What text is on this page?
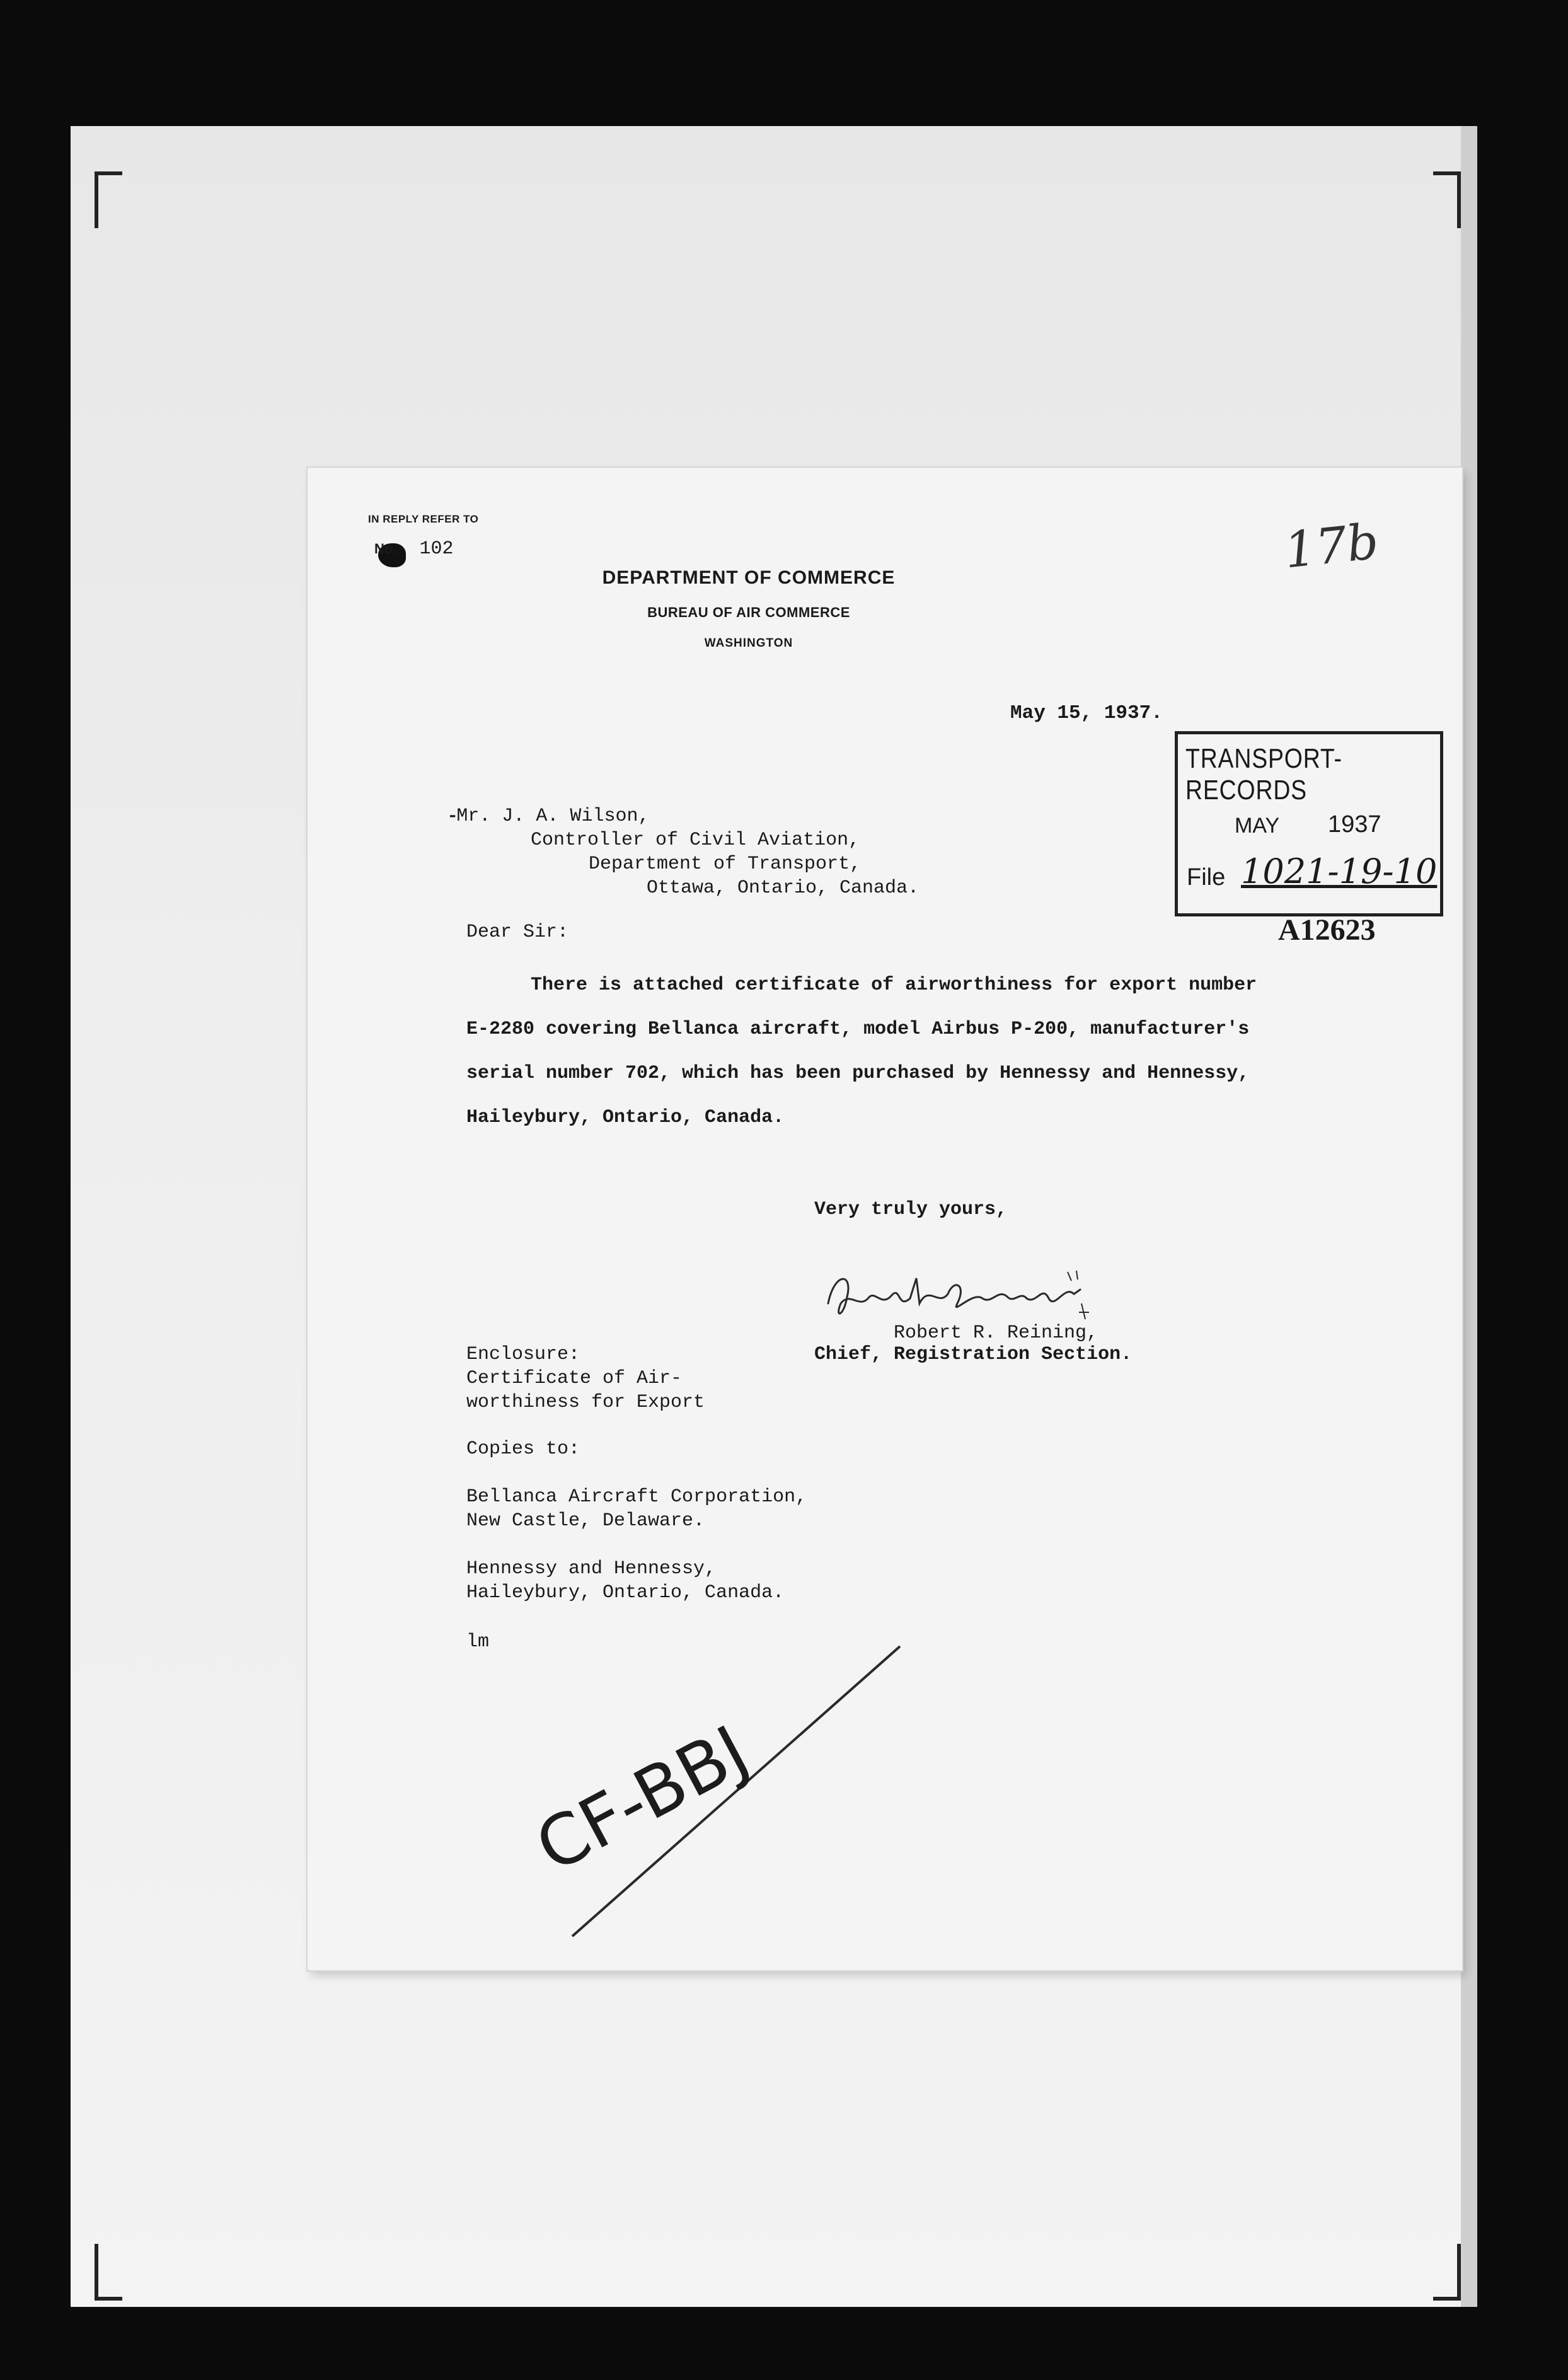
IN REPLY REFER TO
No. 102
DEPARTMENT OF COMMERCE
BUREAU OF AIR COMMERCE
WASHINGTON
17b
May 15, 1937.
TRANSPORT-RECORDS
MAY 1937
File 1021-19-10
A12623
▬ Mr. J. A. Wilson,
Controller of Civil Aviation,
Department of Transport,
Ottawa, Ontario, Canada.
Dear Sir:
There is attached certificate of airworthiness for export number
E-2280 covering Bellanca aircraft, model Airbus P-200, manufacturer's
serial number 702, which has been purchased by Hennessy and Hennessy,
Haileybury, Ontario, Canada.
Very truly yours,
Robert R. Reining,
Chief, Registration Section.
Enclosure:
Certificate of Air-
worthiness for Export
Copies to:
Bellanca Aircraft Corporation,
New Castle, Delaware.
Hennessy and Hennessy,
Haileybury, Ontario, Canada.
lm
CF-BBJ
